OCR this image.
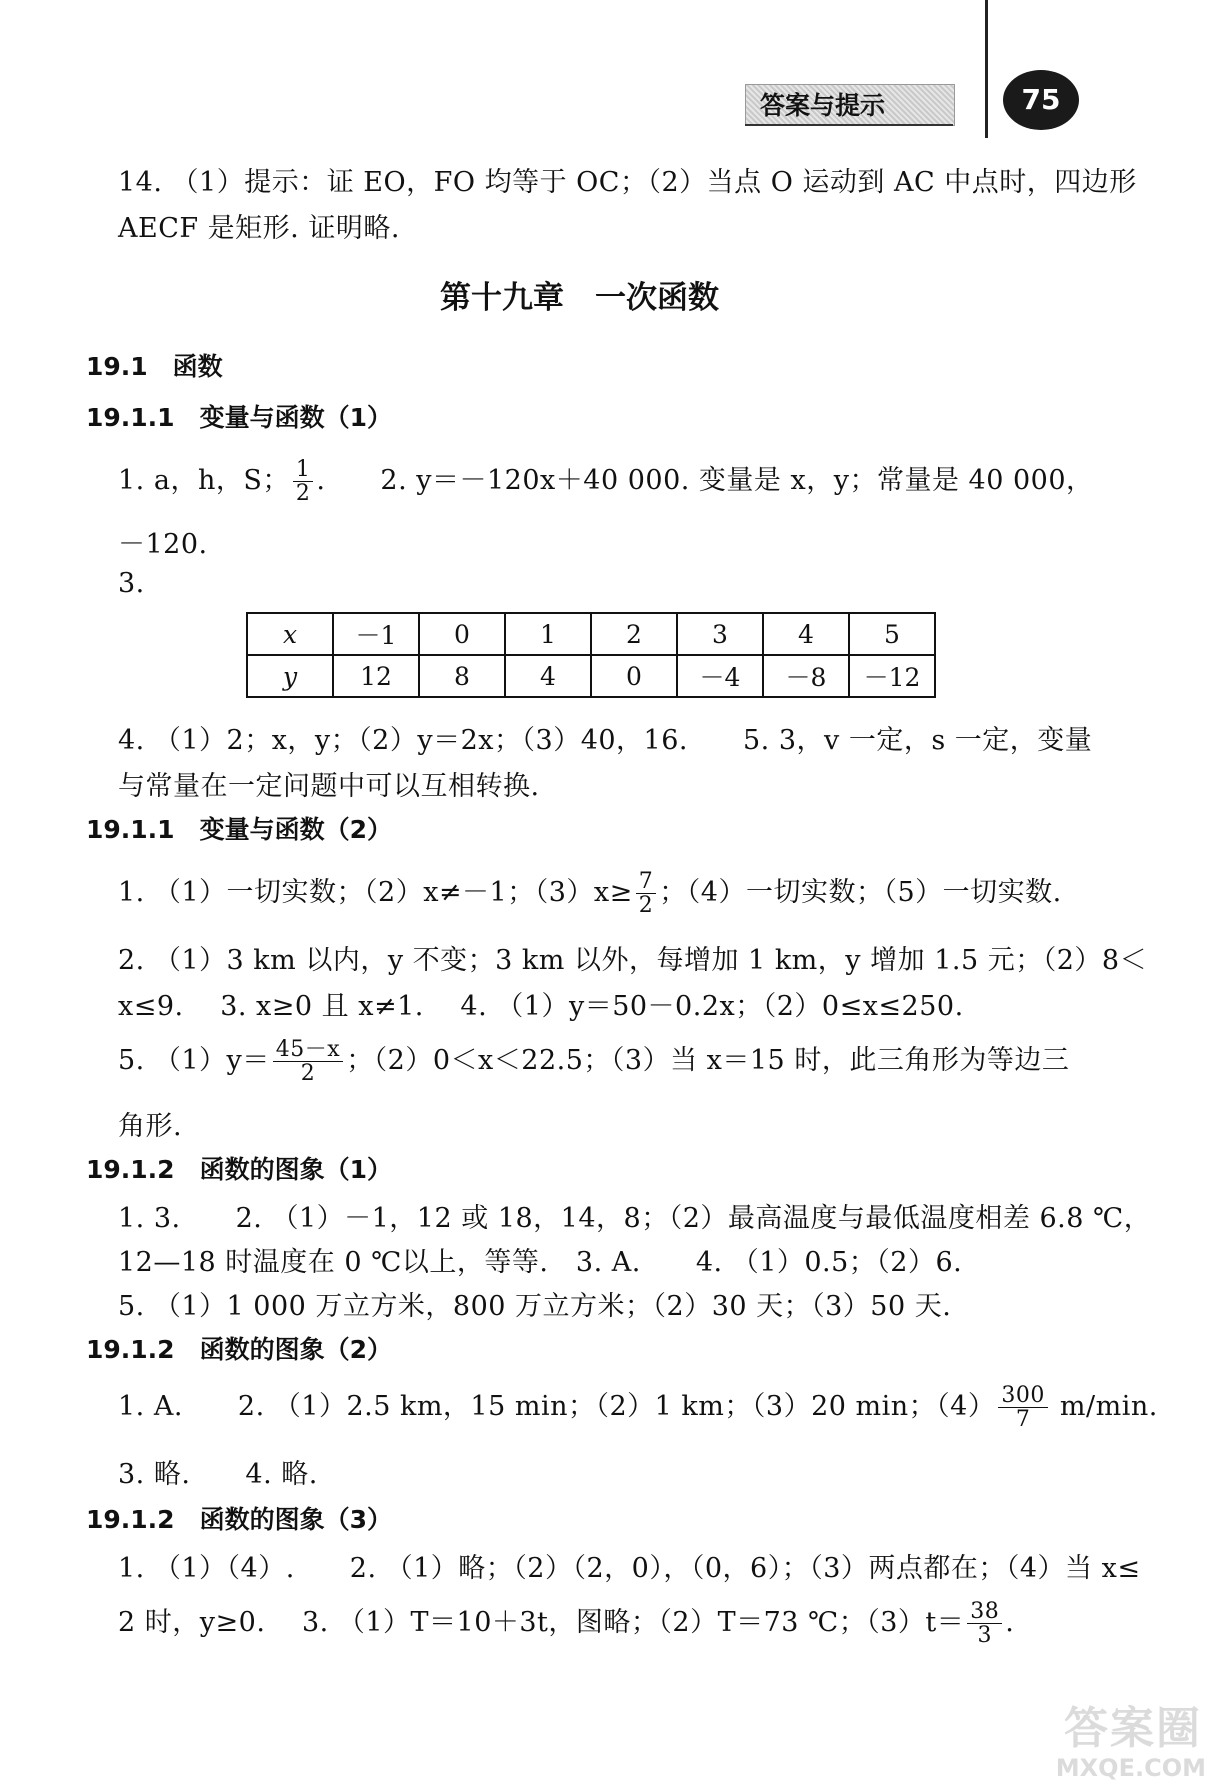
答案与提示	75
14. （1）提示：证 EO，FO 均等于 OC；（2）当点 O 运动到 AC 中点时，四边形
AECF 是矩形. 证明略.
第十九章　一次函数
19.1　函数
19.1.1　变量与函数（1）
1. a，h，S； $\frac{1}{2}$ .　　2. y＝－120x＋40 000. 变量是 x，y；常量是 40 000，
－120.
3.
x	－1	0	1	2	3	4	5
y	12	8	4	0	－4	－8	－12
4. （1）2；x，y；（2）y＝2x；（3）40，16.　　5. 3，v 一定，s 一定，变量
与常量在一定问题中可以互相转换.
19.1.1　变量与函数（2）
1. （1）一切实数；（2）x≠－1；$(3)x\ge \frac{7}{2}$ ；（4）一切实数；（5）一切实数.
2. （1）3 km 以内，y 不变；3 km 以外，每增加 1 km，y 增加 1.5 元；（2）8＜
x≤9.　 3. x≥0 且 x≠1.　 4. （1）y＝50－0.2x；（2）0≤x≤250.
5. $(1)y= \frac{45-x}{2}$ ；（2）0＜x＜22.5；（3）当 x＝15 时，此三角形为等边三
角形.
19.1.2　函数的图象（1）
1. 3.　　2. （1）－1，12 或 18，14，8；（2）最高温度与最低温度相差 6.8 ℃，
12—18 时温度在 0 ℃以上，等等.　3. A.　　4. （1）0.5；（2）6.
5. （1）1 000 万立方米，800 万立方米；（2）30 天；（3）50 天.
19.1.2　函数的图象（2）
1. A.　　2. （1）2.5 km，15 min；（2）1 km；（3）20 min；$(4) \frac{300}{7} m/\min$.
3. 略.　　4. 略.
19.1.2　函数的图象（3）
1. （1）（4）.　　2. （1）略；（2）（2，0），（0，6）；（3）两点都在；（4）当 x≤
2 时，y≥0.　 3. （1）T＝10＋3t，图略；（2）T＝73 ℃；$(3)t= \frac{38}{3}$ .
答案圈
MXQE.COM
